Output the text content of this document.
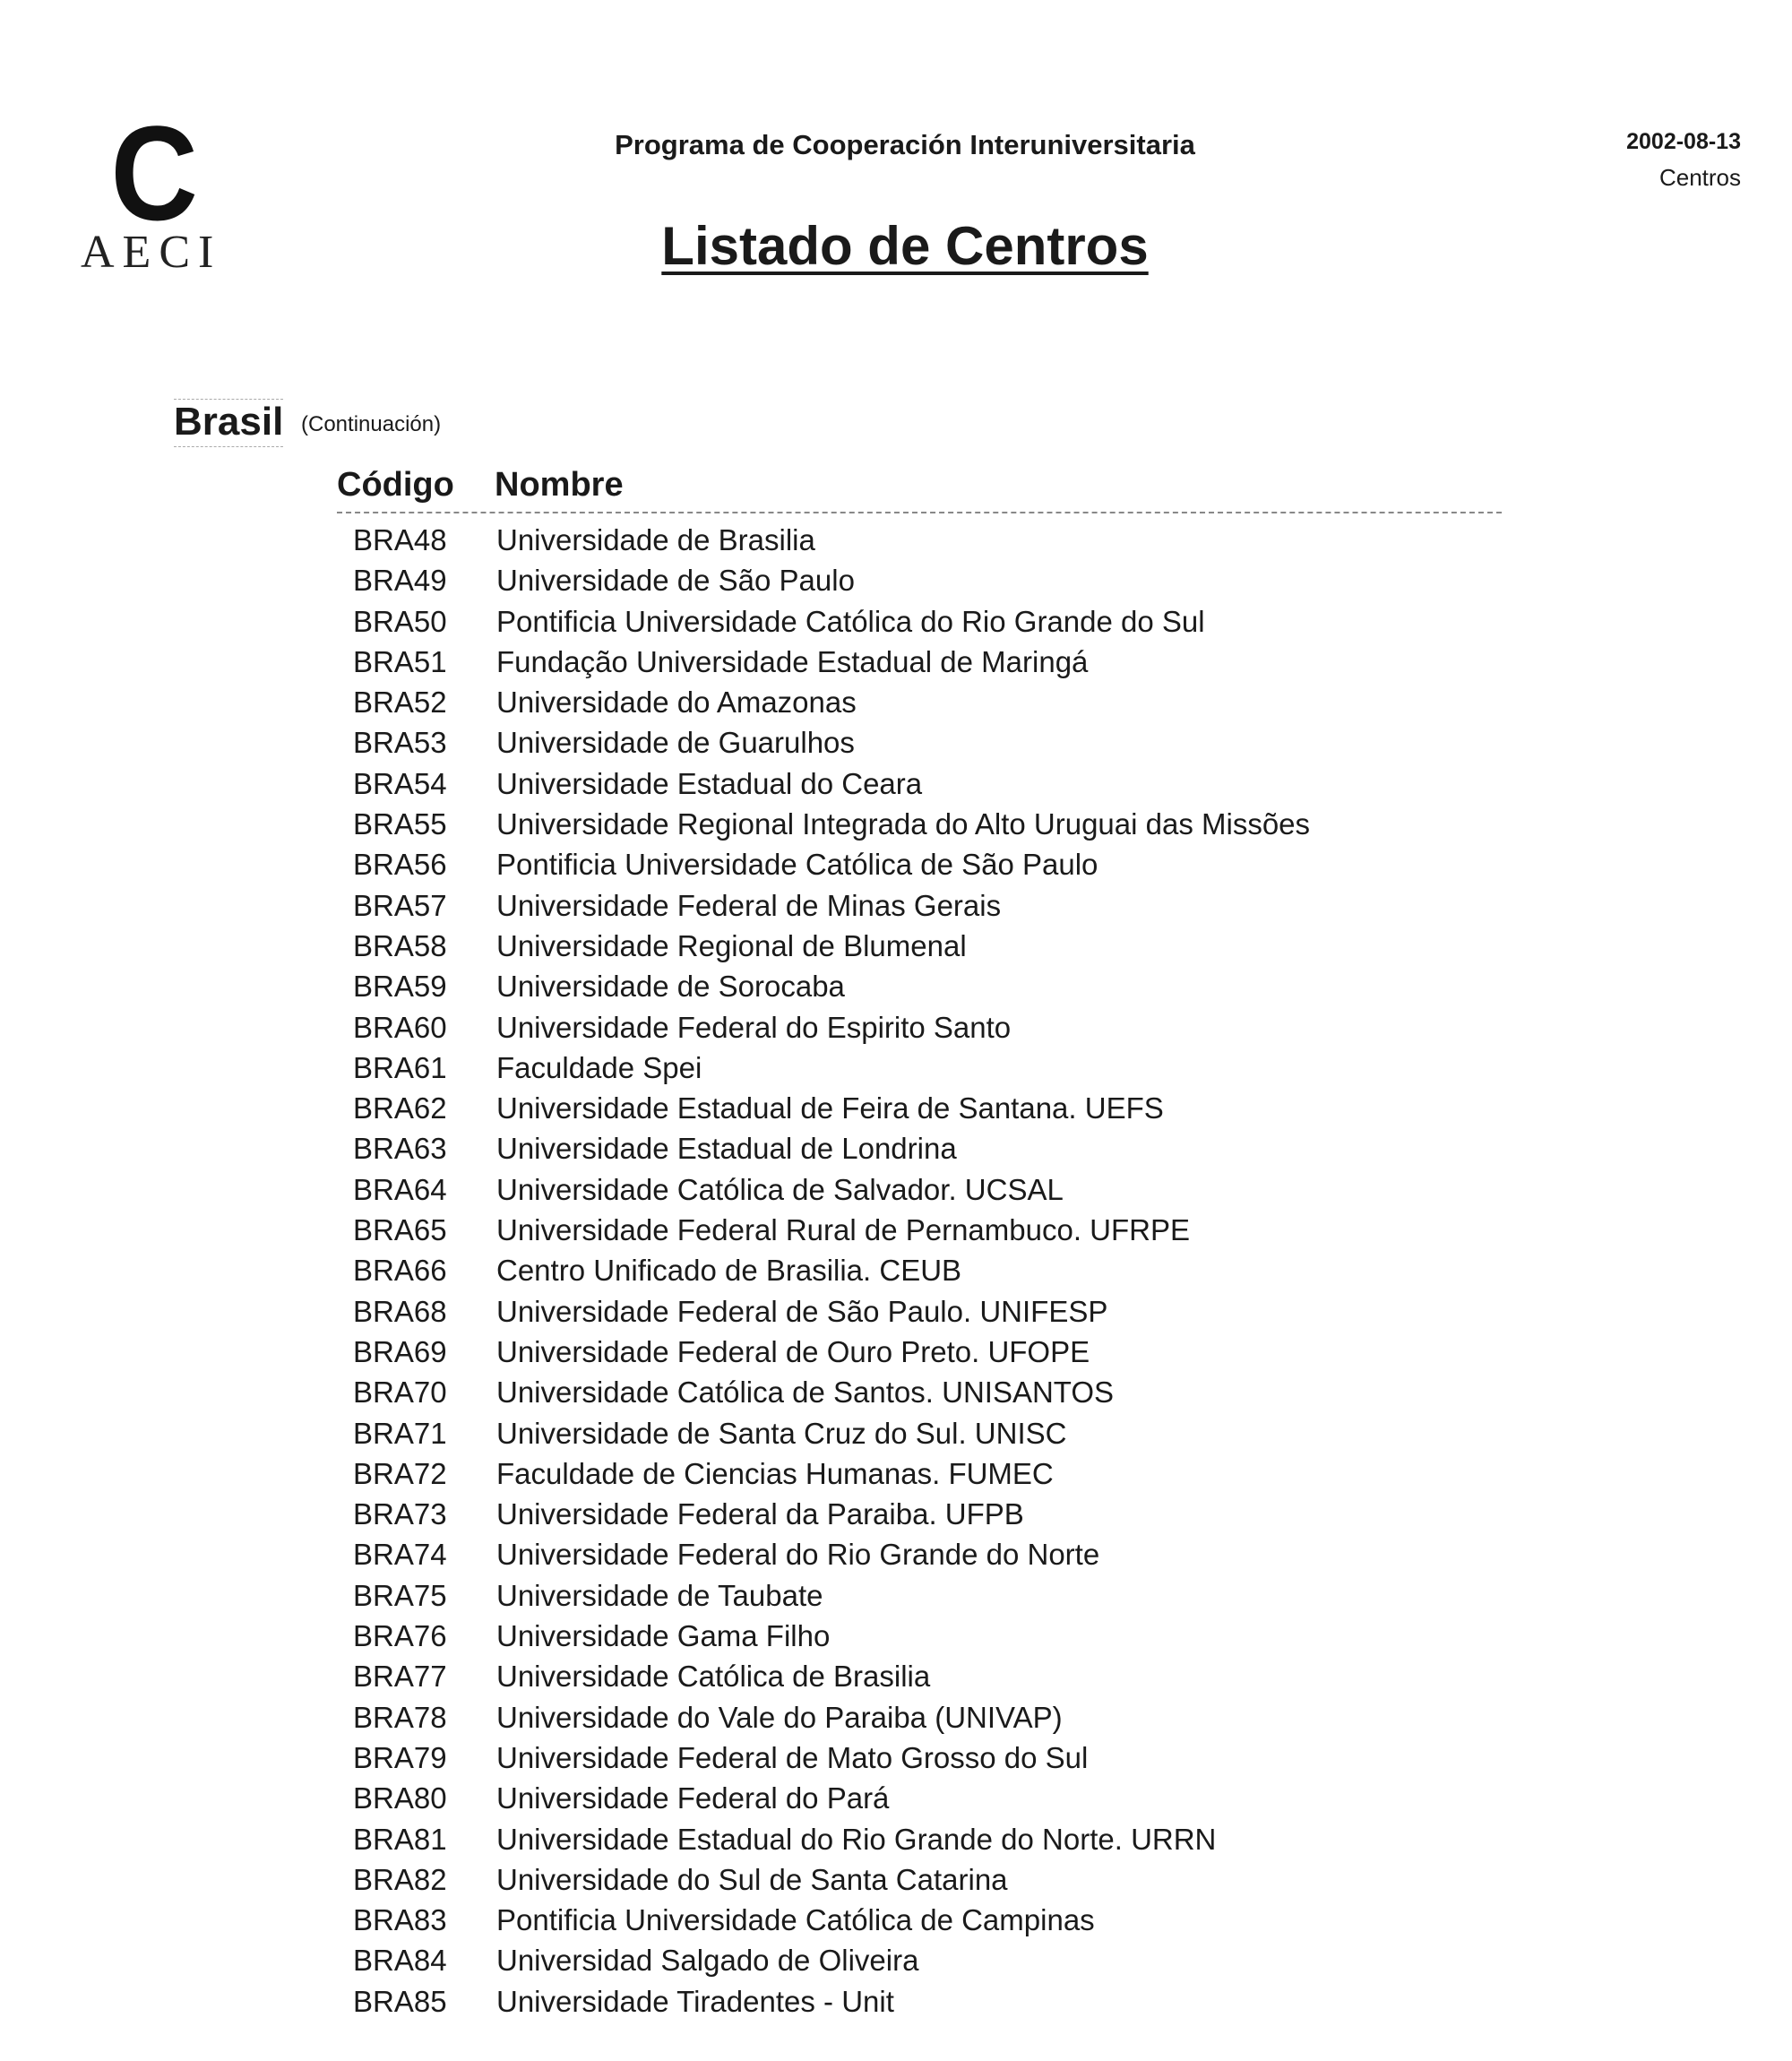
C
AECI
Programa de Cooperación Interuniversitaria	2002-08-13
Centros
Listado de Centros
Brasil (Continuación)
Código Nombre
BRA48 Universidade de Brasilia
BRA49 Universidade de São Paulo
BRA50 Pontificia Universidade Católica do Rio Grande do Sul
BRA51 Fundação Universidade Estadual de Maringá
BRA52 Universidade do Amazonas
BRA53 Universidade de Guarulhos
BRA54 Universidade Estadual do Ceara
BRA55 Universidade Regional Integrada do Alto Uruguai das Missões
BRA56 Pontificia Universidade Católica de São Paulo
BRA57 Universidade Federal de Minas Gerais
BRA58 Universidade Regional de Blumenal
BRA59 Universidade de Sorocaba
BRA60 Universidade Federal do Espirito Santo
BRA61 Faculdade Spei
BRA62 Universidade Estadual de Feira de Santana. UEFS
BRA63 Universidade Estadual de Londrina
BRA64 Universidade Católica de Salvador. UCSAL
BRA65 Universidade Federal Rural de Pernambuco. UFRPE
BRA66 Centro Unificado de Brasilia. CEUB
BRA68 Universidade Federal de São Paulo. UNIFESP
BRA69 Universidade Federal de Ouro Preto. UFOPE
BRA70 Universidade Católica de Santos. UNISANTOS
BRA71 Universidade de Santa Cruz do Sul. UNISC
BRA72 Faculdade de Ciencias Humanas. FUMEC
BRA73 Universidade Federal da Paraiba. UFPB
BRA74 Universidade Federal do Rio Grande do Norte
BRA75 Universidade de Taubate
BRA76 Universidade Gama Filho
BRA77 Universidade Católica de Brasilia
BRA78 Universidade do Vale do Paraiba (UNIVAP)
BRA79 Universidade Federal de Mato Grosso do Sul
BRA80 Universidade Federal do Pará
BRA81 Universidade Estadual do Rio Grande do Norte. URRN
BRA82 Universidade do Sul de Santa Catarina
BRA83 Pontificia Universidade Católica de Campinas
BRA84 Universidad Salgado de Oliveira
BRA85 Universidade Tiradentes - Unit
